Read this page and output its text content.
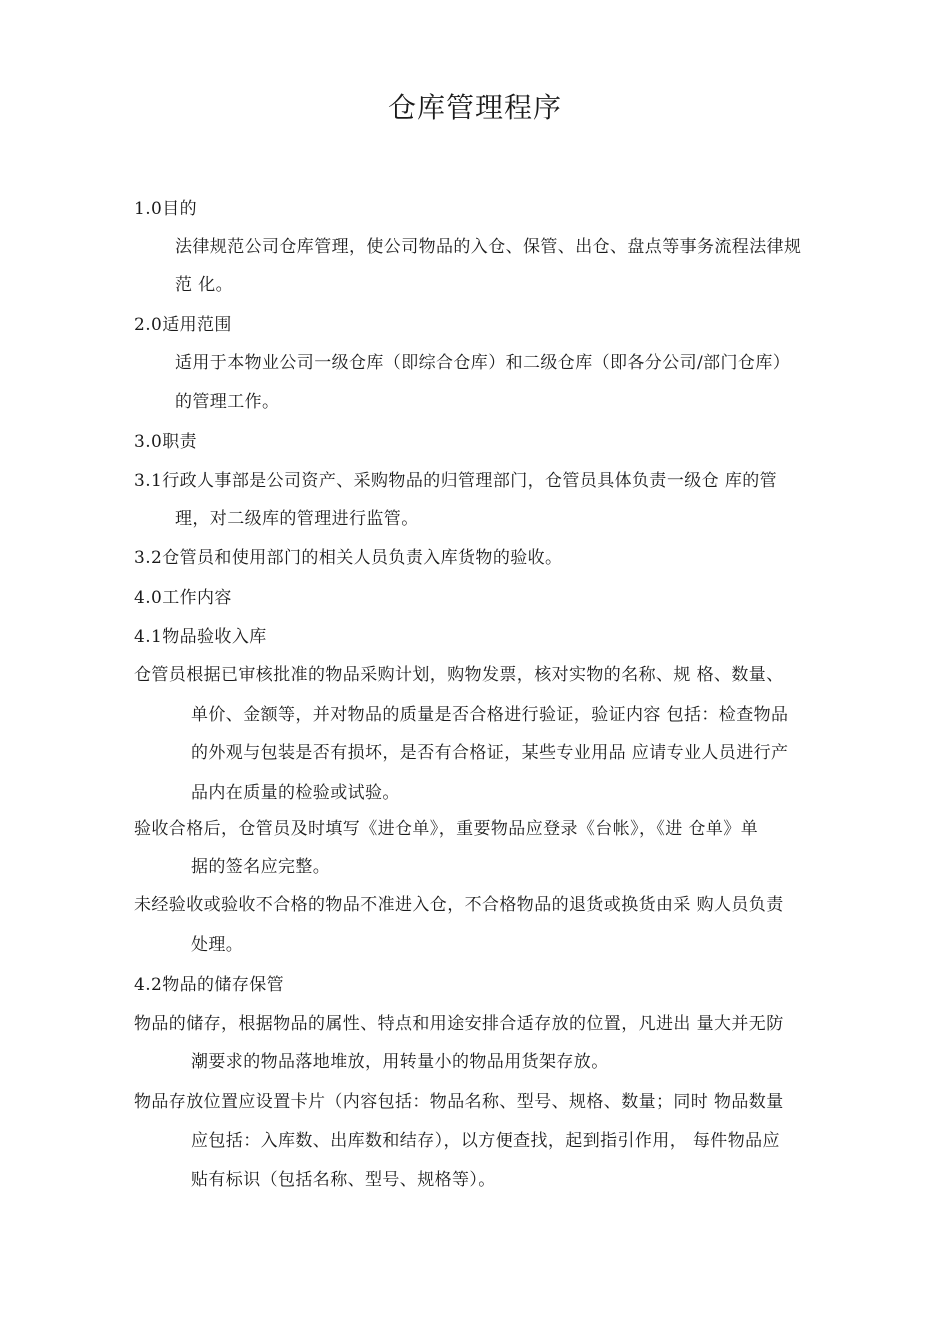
仓库管理程序
1.0目的
法律规范公司仓库管理，使公司物品的入仓、保管、出仓、盘点等事务流程法律规
范 化。
2.0适用范围
适用于本物业公司一级仓库（即综合仓库）和二级仓库（即各分公司/部门仓库）
的管理工作。
3.0职责
3.1行政人事部是公司资产、采购物品的归管理部门，仓管员具体负责一级仓 库的管
理，对二级库的管理进行监管。
3.2仓管员和使用部门的相关人员负责入库货物的验收。
4.0工作内容
4.1物品验收入库
仓管员根据已审核批准的物品采购计划，购物发票，核对实物的名称、规 格、数量、
单价、金额等，并对物品的质量是否合格进行验证，验证内容 包括：检查物品
的外观与包装是否有损坏，是否有合格证，某些专业用品 应请专业人员进行产
品内在质量的检验或试验。
验收合格后，仓管员及时填写《进仓单》，重要物品应登录《台帐》，《进 仓单》单
据的签名应完整。
未经验收或验收不合格的物品不准进入仓，不合格物品的退货或换货由采 购人员负责
处理。
4.2物品的储存保管
物品的储存，根据物品的属性、特点和用途安排合适存放的位置，凡进出 量大并无防
潮要求的物品落地堆放，用转量小的物品用货架存放。
物品存放位置应设置卡片（内容包括：物品名称、型号、规格、数量；同时 物品数量
应包括：入库数、出库数和结存），以方便查找，起到指引作用， 每件物品应
贴有标识（包括名称、型号、规格等）。
